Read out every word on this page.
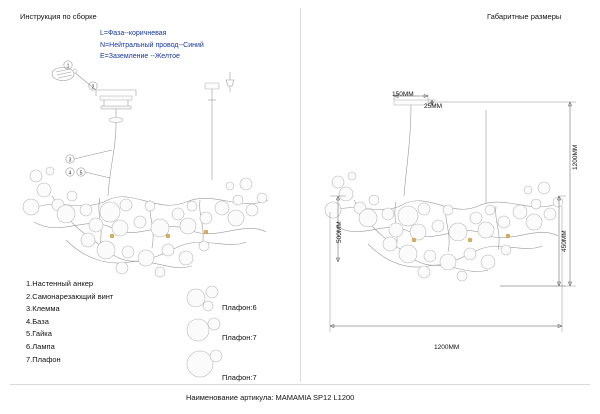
Инструкция по сборке	Габаритные размеры
L=Фаза--коричневая
N=Нейтральный провод--Синий
E=Заземление --Желтое
1
2
3
4 5
1.Настенный анкер
2.Самонарезающий винт
3.Клемма
4.База
5.Гайка
6.Лампа
7.Плафон
Плафон:6
Плафон:7
Плафон:7
150MM
25MM
1200MM
1200MM
450MM
500MM
Наименование артикула: MAMAMIA SP12 L1200
